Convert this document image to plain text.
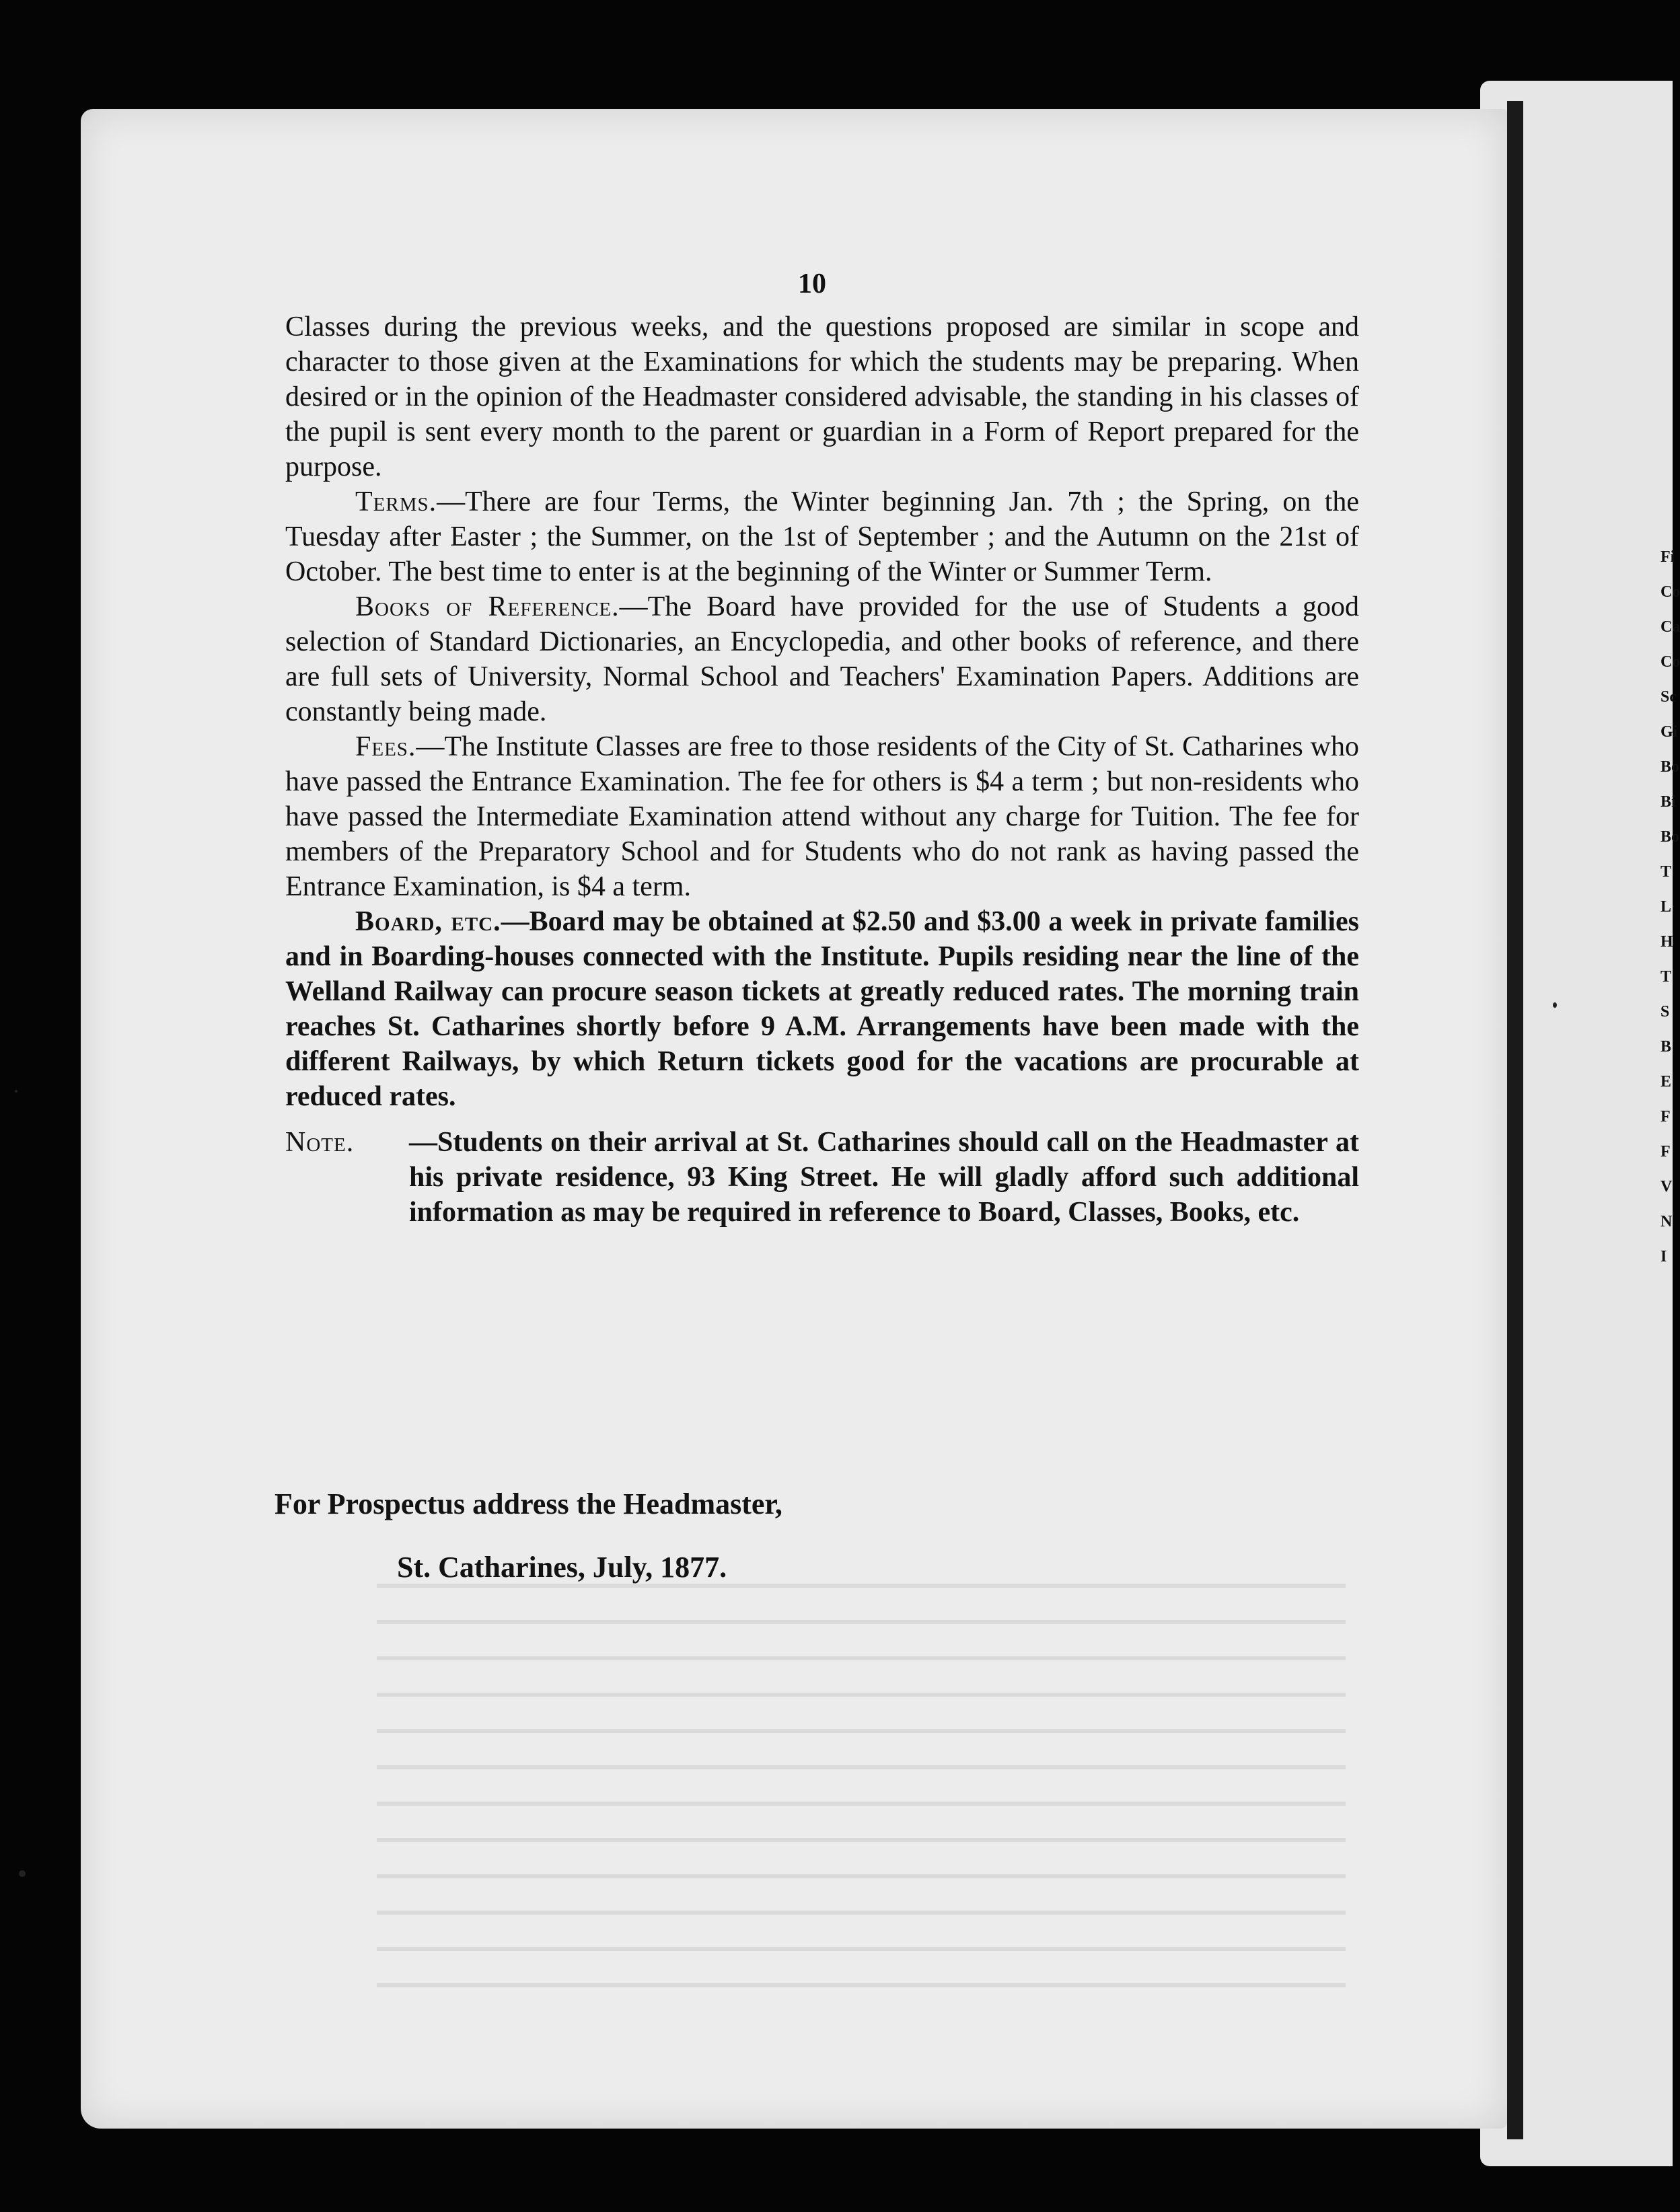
Fi
Co
Ca
Co
Sc
Gi
Bo
Bi
Bo
T
L
H
T
S
B
E
F
F
V
N
I
10

Classes during the previous weeks, and the questions proposed are similar in scope and character to those given at the Examinations for which the students may be preparing. When desired or in the opinion of the Headmaster considered advisable, the standing in his classes of the pupil is sent every month to the parent or guardian in a Form of Report prepared for the purpose.

Terms.—There are four Terms, the Winter beginning Jan. 7th ; the Spring, on the Tuesday after Easter ; the Summer, on the 1st of September ; and the Autumn on the 21st of October. The best time to enter is at the beginning of the Winter or Summer Term.

Books of Reference.—The Board have provided for the use of Students a good selection of Standard Dictionaries, an Encyclopedia, and other books of reference, and there are full sets of University, Normal School and Teachers' Examination Papers. Additions are constantly being made.

Fees.—The Institute Classes are free to those residents of the City of St. Catharines who have passed the Entrance Examination. The fee for others is $4 a term ; but non-residents who have passed the Intermediate Examination attend without any charge for Tuition. The fee for members of the Preparatory School and for Students who do not rank as having passed the Entrance Examination, is $4 a term.

Board, etc.—Board may be obtained at $2.50 and $3.00 a week in private families and in Boarding-houses connected with the Institute. Pupils residing near the line of the Welland Railway can procure season tickets at greatly reduced rates. The morning train reaches St. Catharines shortly before 9 A.M. Arrangements have been made with the different Railways, by which Return tickets good for the vacations are procurable at reduced rates.

Note.	—Students on their arrival at St. Catharines should call on the Headmaster at his private residence, 93 King Street. He will gladly afford such additional information as may be required in reference to Board, Classes, Books, etc.
For Prospectus address the Headmaster,
St. Catharines, July, 1877.
